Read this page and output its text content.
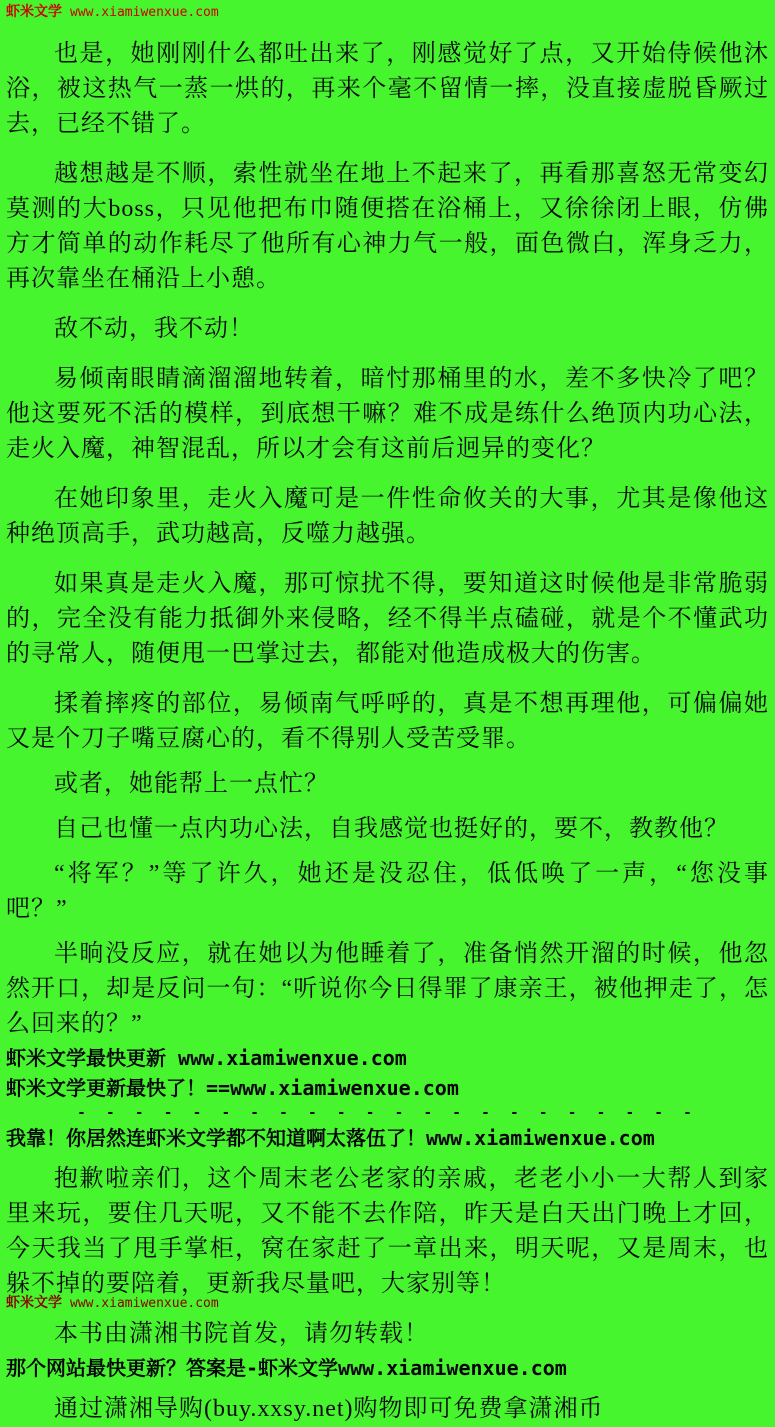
虾米文学 www.xiamiwenxue.com

也是，她刚刚什么都吐出来了，刚感觉好了点，又开始侍候他沐浴，被这热气一蒸一烘的，再来个毫不留情一摔，没直接虚脱昏厥过去，已经不错了。

越想越是不顺，索性就坐在地上不起来了，再看那喜怒无常变幻莫测的大boss，只见他把布巾随便搭在浴桶上，又徐徐闭上眼，仿佛方才简单的动作耗尽了他所有心神力气一般，面色微白，浑身乏力，再次靠坐在桶沿上小憩。

敌不动，我不动！

易倾南眼睛滴溜溜地转着，暗忖那桶里的水，差不多快冷了吧？他这要死不活的模样，到底想干嘛？难不成是练什么绝顶内功心法，走火入魔，神智混乱，所以才会有这前后迥异的变化？

在她印象里，走火入魔可是一件性命攸关的大事，尤其是像他这种绝顶高手，武功越高，反噬力越强。

如果真是走火入魔，那可惊扰不得，要知道这时候他是非常脆弱的，完全没有能力抵御外来侵略，经不得半点磕碰，就是个不懂武功的寻常人，随便甩一巴掌过去，都能对他造成极大的伤害。

揉着摔疼的部位，易倾南气呼呼的，真是不想再理他，可偏偏她又是个刀子嘴豆腐心的，看不得别人受苦受罪。

或者，她能帮上一点忙？

自己也懂一点内功心法，自我感觉也挺好的，要不，教教他？

“将军？”等了许久，她还是没忍住，低低唤了一声，“您没事吧？”

半晌没反应，就在她以为他睡着了，准备悄然开溜的时候，他忽然开口，却是反问一句：“听说你今日得罪了康亲王，被他押走了，怎么回来的？”

虾米文学最快更新 www.xiamiwenxue.com
虾米文学更新最快了！==www.xiamiwenxue.com
- - - - - - - - - - - - - - - - - - - - - -
我靠！你居然连虾米文学都不知道啊太落伍了！www.xiamiwenxue.com

抱歉啦亲们，这个周末老公老家的亲戚，老老小小一大帮人到家里来玩，要住几天呢，又不能不去作陪，昨天是白天出门晚上才回，今天我当了甩手掌柜，窝在家赶了一章出来，明天呢，又是周末，也躲不掉的要陪着，更新我尽量吧，大家别等！

本书由潇湘书院首发，请勿转载！

那个网站最快更新？答案是-虾米文学www.xiamiwenxue.com

通过潇湘导购(buy.xxsy.net)购物即可免费拿潇湘币

虾米文学 www.xiamiwenxue.com
